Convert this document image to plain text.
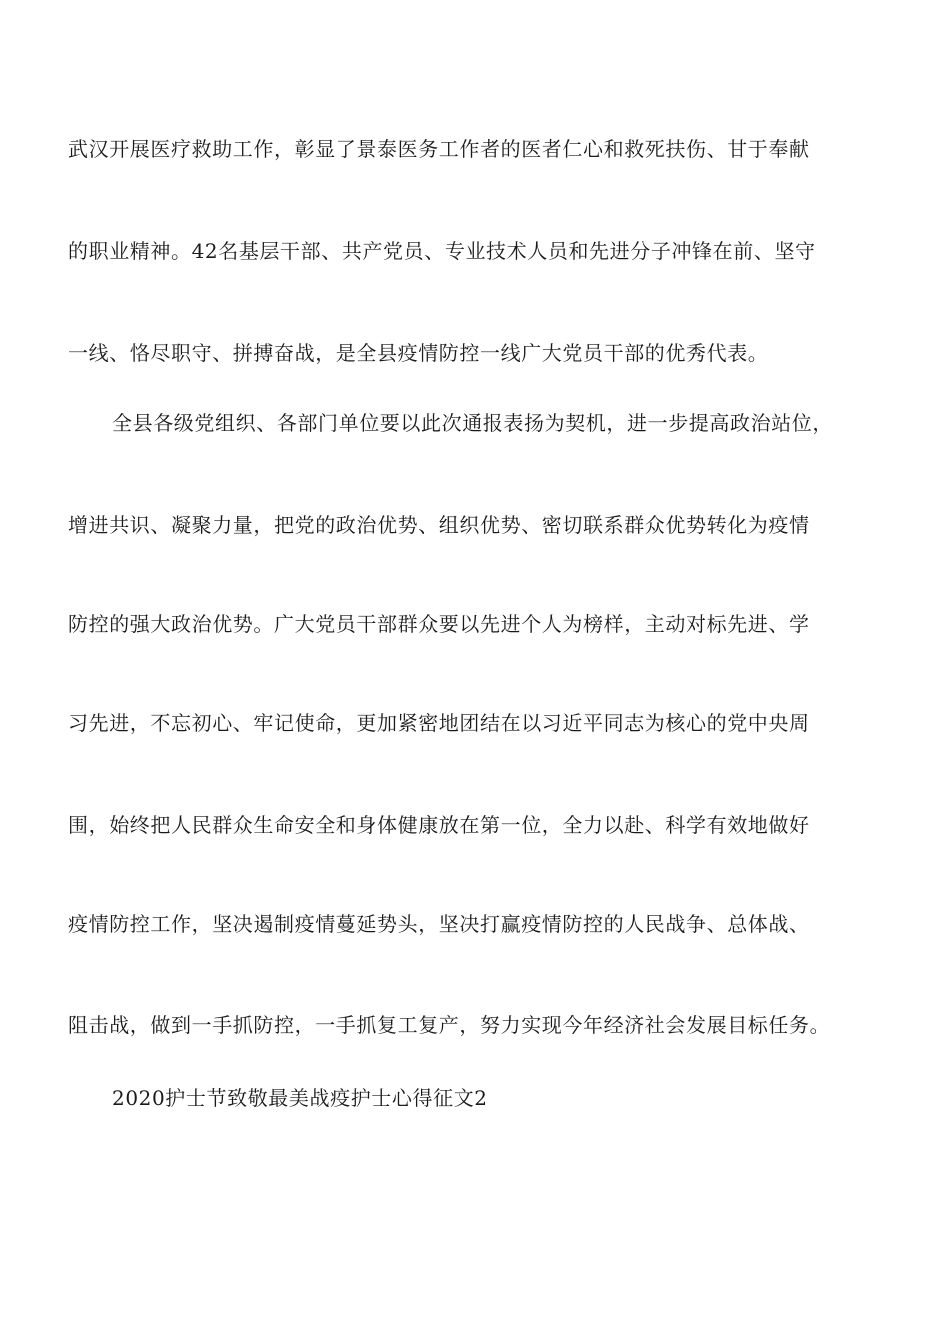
武汉开展医疗救助工作，彰显了景泰医务工作者的医者仁心和救死扶伤、甘于奉献
的职业精神。42名基层干部、共产党员、专业技术人员和先进分子冲锋在前、坚守
一线、恪尽职守、拼搏奋战，是全县疫情防控一线广大党员干部的优秀代表。
全县各级党组织、各部门单位要以此次通报表扬为契机，进一步提高政治站位，
增进共识、凝聚力量，把党的政治优势、组织优势、密切联系群众优势转化为疫情
防控的强大政治优势。广大党员干部群众要以先进个人为榜样，主动对标先进、学
习先进，不忘初心、牢记使命，更加紧密地团结在以习近平同志为核心的党中央周
围，始终把人民群众生命安全和身体健康放在第一位，全力以赴、科学有效地做好
疫情防控工作，坚决遏制疫情蔓延势头，坚决打赢疫情防控的人民战争、总体战、
阻击战，做到一手抓防控，一手抓复工复产，努力实现今年经济社会发展目标任务。
2020护士节致敬最美战疫护士心得征文2
